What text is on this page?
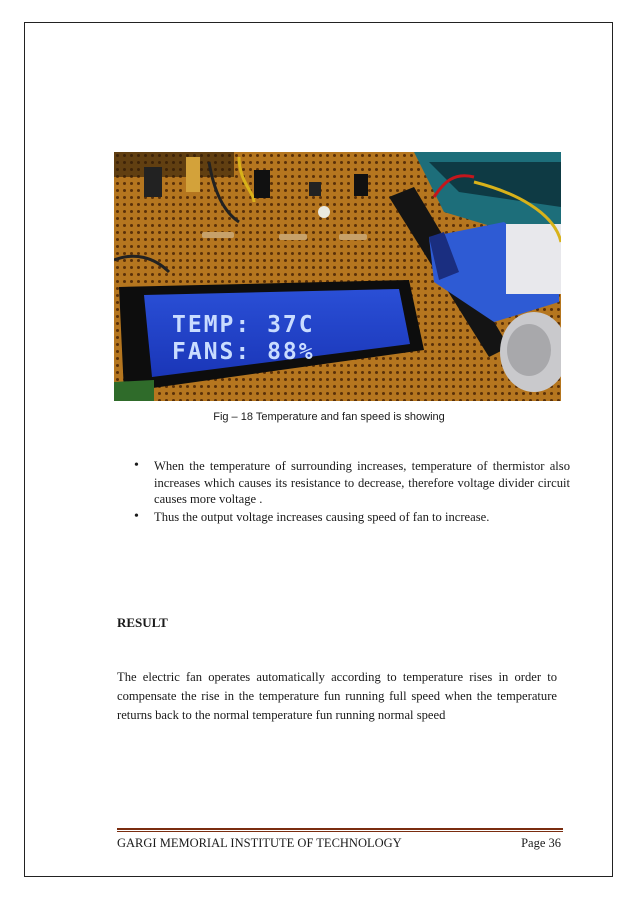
TEMP: 37C
FANS: 88%
Fig – 18 Temperature and fan speed is showing
• When the temperature of surrounding increases, temperature of thermistor also increases which causes its resistance to decrease, therefore voltage divider circuit causes more voltage .
• Thus the output voltage increases causing speed of fan to increase.
RESULT

The electric fan operates automatically according to temperature rises in order to compensate the rise in the temperature fun running full speed when the temperature returns back to the normal temperature fun running normal speed

GARGI MEMORIAL INSTITUTE OF TECHNOLOGY	Page 36
